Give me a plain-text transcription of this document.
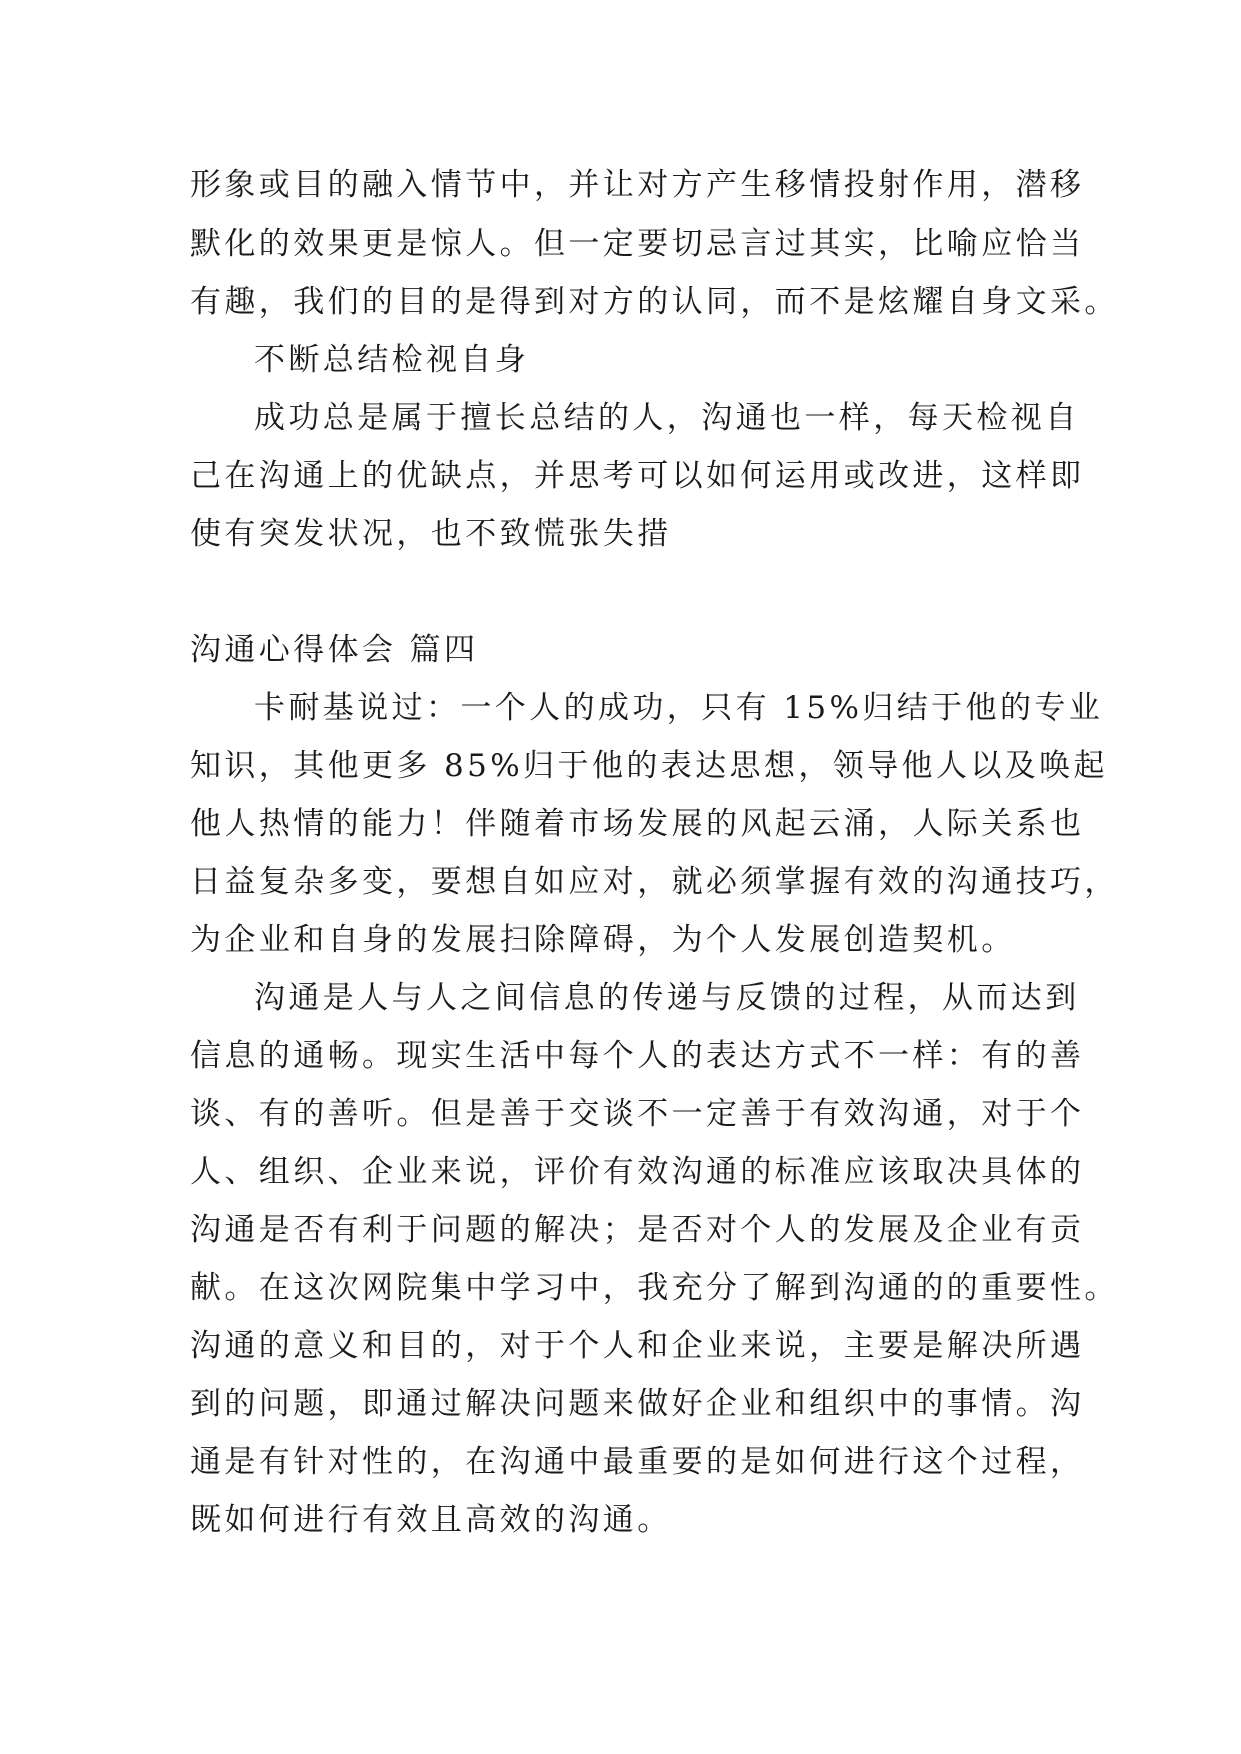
形象或目的融入情节中，并让对方产生移情投射作用，潜移
默化的效果更是惊人。但一定要切忌言过其实，比喻应恰当
有趣，我们的目的是得到对方的认同，而不是炫耀自身文采。
不断总结检视自身
成功总是属于擅长总结的人，沟通也一样，每天检视自
己在沟通上的优缺点，并思考可以如何运用或改进，这样即
使有突发状况，也不致慌张失措
沟通心得体会 篇四
卡耐基说过：一个人的成功，只有 15%归结于他的专业
知识，其他更多 85%归于他的表达思想，领导他人以及唤起
他人热情的能力！伴随着市场发展的风起云涌，人际关系也
日益复杂多变，要想自如应对，就必须掌握有效的沟通技巧，
为企业和自身的发展扫除障碍，为个人发展创造契机。
沟通是人与人之间信息的传递与反馈的过程，从而达到
信息的通畅。现实生活中每个人的表达方式不一样：有的善
谈、有的善听。但是善于交谈不一定善于有效沟通，对于个
人、组织、企业来说，评价有效沟通的标准应该取决具体的
沟通是否有利于问题的解决；是否对个人的发展及企业有贡
献。在这次网院集中学习中，我充分了解到沟通的的重要性。
沟通的意义和目的，对于个人和企业来说，主要是解决所遇
到的问题，即通过解决问题来做好企业和组织中的事情。沟
通是有针对性的，在沟通中最重要的是如何进行这个过程，
既如何进行有效且高效的沟通。
